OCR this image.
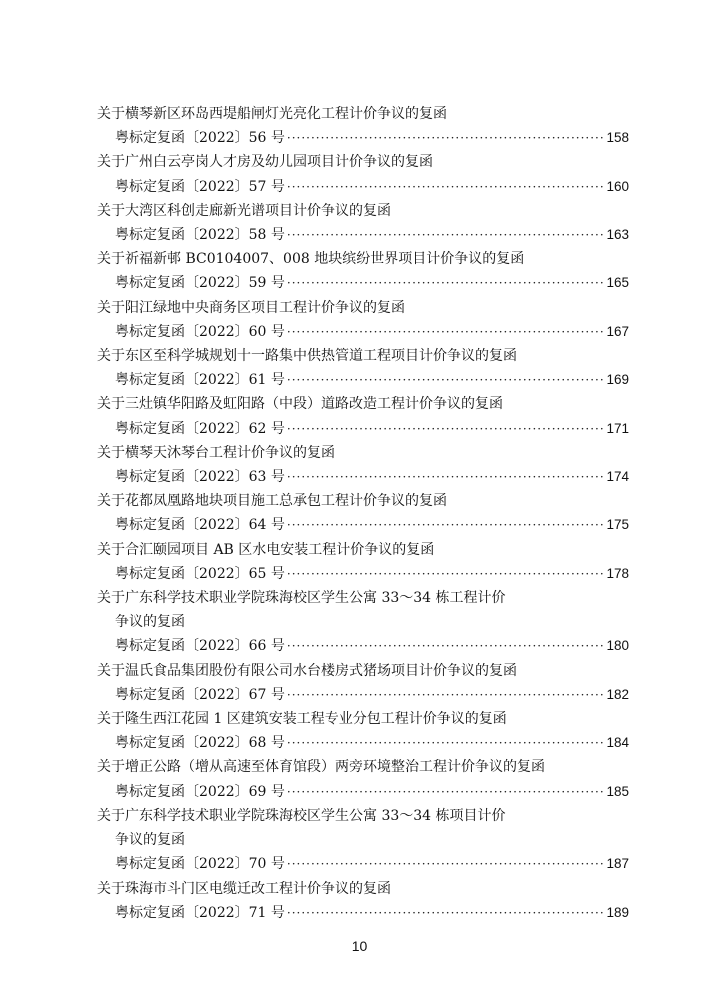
关于横琴新区环岛西堤船闸灯光亮化工程计价争议的复函
粤标定复函〔2022〕56 号 ·····	158
关于广州白云亭岗人才房及幼儿园项目计价争议的复函
粤标定复函〔2022〕57 号 ·····	160
关于大湾区科创走廊新光谱项目计价争议的复函
粤标定复函〔2022〕58 号 ·····	163
关于祈福新邨 BC0104007、008 地块缤纷世界项目计价争议的复函
粤标定复函〔2022〕59 号 ·····	165
关于阳江绿地中央商务区项目工程计价争议的复函
粤标定复函〔2022〕60 号 ·····	167
关于东区至科学城规划十一路集中供热管道工程项目计价争议的复函
粤标定复函〔2022〕61 号 ·····	169
关于三灶镇华阳路及虹阳路（中段）道路改造工程计价争议的复函
粤标定复函〔2022〕62 号 ·····	171
关于横琴天沐琴台工程计价争议的复函
粤标定复函〔2022〕63 号 ·····	174
关于花都凤凰路地块项目施工总承包工程计价争议的复函
粤标定复函〔2022〕64 号 ·····	175
关于合汇颐园项目 AB 区水电安装工程计价争议的复函
粤标定复函〔2022〕65 号 ·····	178
关于广东科学技术职业学院珠海校区学生公寓 33～34 栋工程计价
争议的复函
粤标定复函〔2022〕66 号 ·····	180
关于温氏食品集团股份有限公司水台楼房式猪场项目计价争议的复函
粤标定复函〔2022〕67 号 ·····	182
关于隆生西江花园 1 区建筑安装工程专业分包工程计价争议的复函
粤标定复函〔2022〕68 号 ·····	184
关于增正公路（增从高速至体育馆段）两旁环境整治工程计价争议的复函
粤标定复函〔2022〕69 号 ·····	185
关于广东科学技术职业学院珠海校区学生公寓 33～34 栋项目计价
争议的复函
粤标定复函〔2022〕70 号 ·····	187
关于珠海市斗门区电缆迁改工程计价争议的复函
粤标定复函〔2022〕71 号 ·····	189
10
